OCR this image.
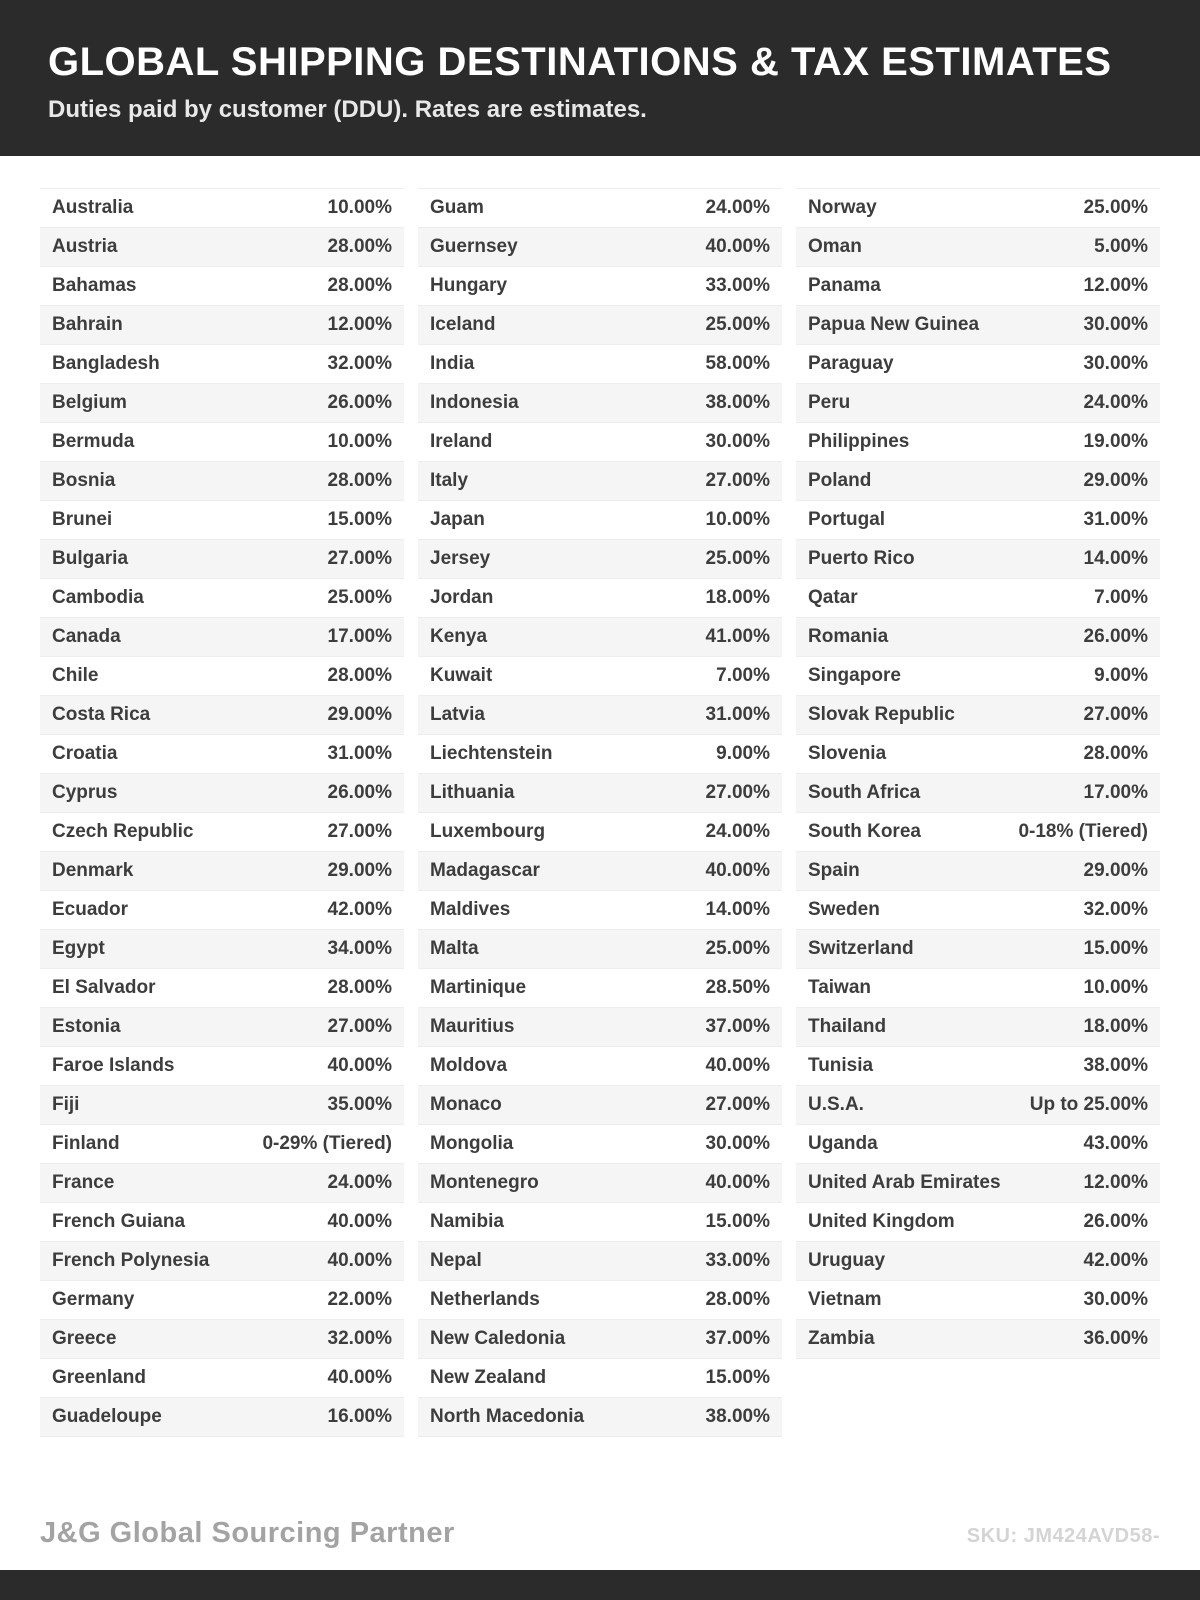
GLOBAL SHIPPING DESTINATIONS & TAX ESTIMATES
Duties paid by customer (DDU). Rates are estimates.
Australia	10.00%
Austria	28.00%
Bahamas	28.00%
Bahrain	12.00%
Bangladesh	32.00%
Belgium	26.00%
Bermuda	10.00%
Bosnia	28.00%
Brunei	15.00%
Bulgaria	27.00%
Cambodia	25.00%
Canada	17.00%
Chile	28.00%
Costa Rica	29.00%
Croatia	31.00%
Cyprus	26.00%
Czech Republic	27.00%
Denmark	29.00%
Ecuador	42.00%
Egypt	34.00%
El Salvador	28.00%
Estonia	27.00%
Faroe Islands	40.00%
Fiji	35.00%
Finland	0-29% (Tiered)
France	24.00%
French Guiana	40.00%
French Polynesia	40.00%
Germany	22.00%
Greece	32.00%
Greenland	40.00%
Guadeloupe	16.00%
Guam	24.00%
Guernsey	40.00%
Hungary	33.00%
Iceland	25.00%
India	58.00%
Indonesia	38.00%
Ireland	30.00%
Italy	27.00%
Japan	10.00%
Jersey	25.00%
Jordan	18.00%
Kenya	41.00%
Kuwait	7.00%
Latvia	31.00%
Liechtenstein	9.00%
Lithuania	27.00%
Luxembourg	24.00%
Madagascar	40.00%
Maldives	14.00%
Malta	25.00%
Martinique	28.50%
Mauritius	37.00%
Moldova	40.00%
Monaco	27.00%
Mongolia	30.00%
Montenegro	40.00%
Namibia	15.00%
Nepal	33.00%
Netherlands	28.00%
New Caledonia	37.00%
New Zealand	15.00%
North Macedonia	38.00%
Norway	25.00%
Oman	5.00%
Panama	12.00%
Papua New Guinea	30.00%
Paraguay	30.00%
Peru	24.00%
Philippines	19.00%
Poland	29.00%
Portugal	31.00%
Puerto Rico	14.00%
Qatar	7.00%
Romania	26.00%
Singapore	9.00%
Slovak Republic	27.00%
Slovenia	28.00%
South Africa	17.00%
South Korea	0-18% (Tiered)
Spain	29.00%
Sweden	32.00%
Switzerland	15.00%
Taiwan	10.00%
Thailand	18.00%
Tunisia	38.00%
U.S.A.	Up to 25.00%
Uganda	43.00%
United Arab Emirates	12.00%
United Kingdom	26.00%
Uruguay	42.00%
Vietnam	30.00%
Zambia	36.00%
J&G Global Sourcing Partner	SKU: JM424AVD58-
